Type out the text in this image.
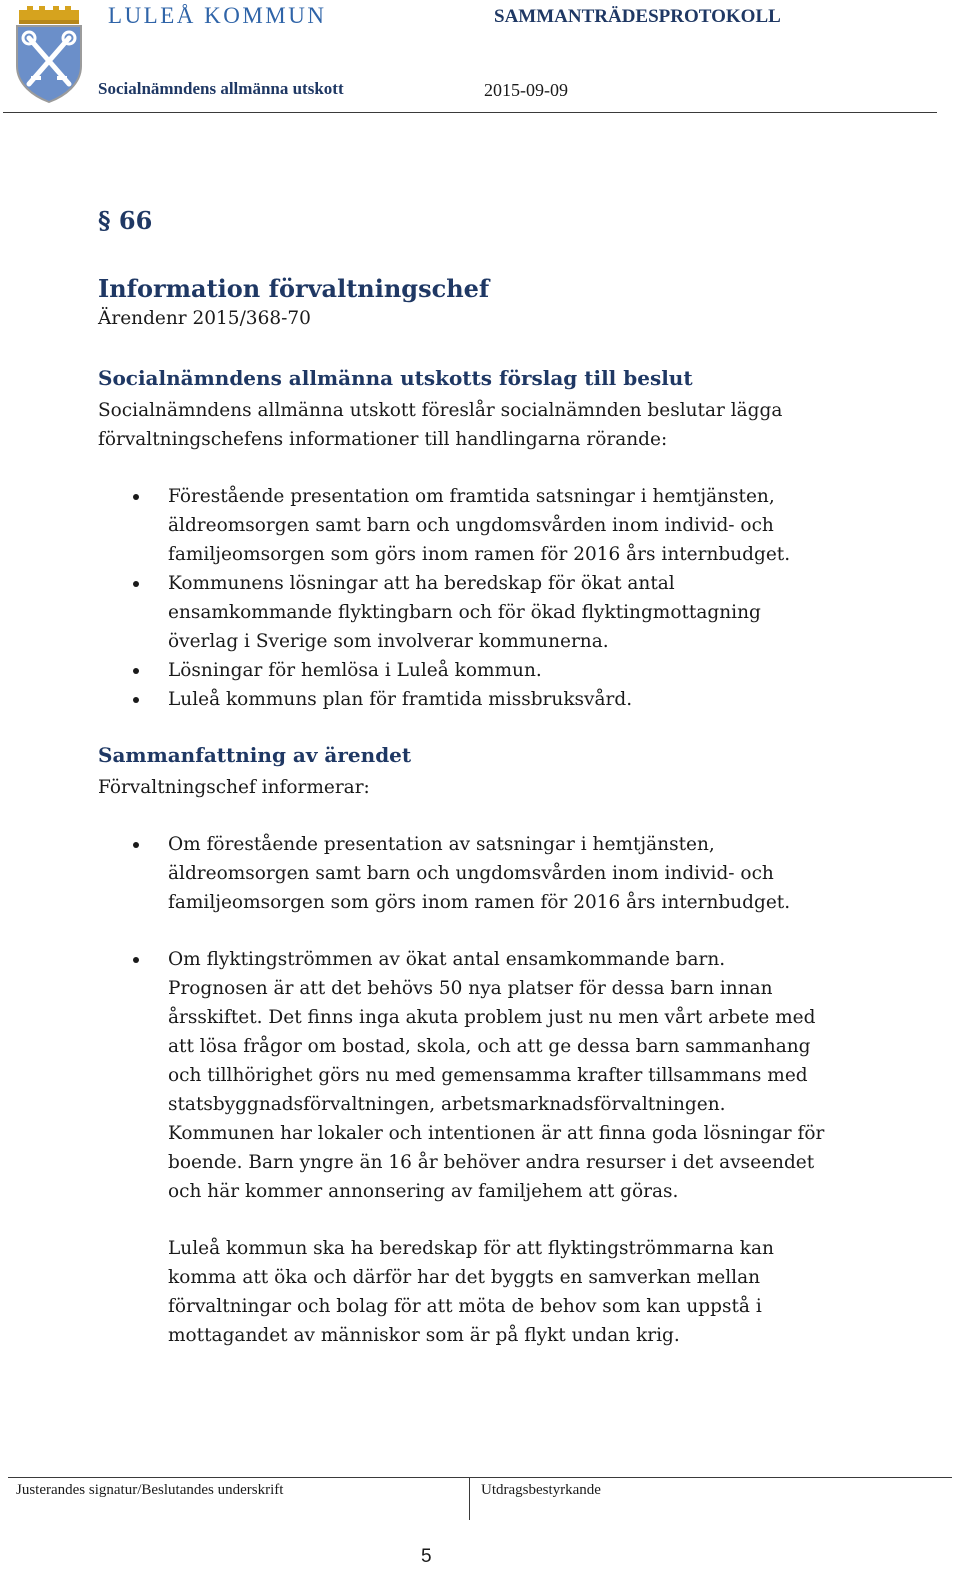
LULEÅ KOMMUN	SAMMANTRÄDESPROTOKOLL
Socialnämndens allmänna utskott	2015-09-09
§ 66
Information förvaltningschef
Ärendenr 2015/368-70
Socialnämndens allmänna utskotts förslag till beslut
Socialnämndens allmänna utskott föreslår socialnämnden beslutar lägga
förvaltningschefens informationer till handlingarna rörande:
Förestående presentation om framtida satsningar i hemtjänsten,
äldreomsorgen samt barn och ungdomsvården inom individ- och
familjeomsorgen som görs inom ramen för 2016 års internbudget.
Kommunens lösningar att ha beredskap för ökat antal
ensamkommande flyktingbarn och för ökad flyktingmottagning
överlag i Sverige som involverar kommunerna.
Lösningar för hemlösa i Luleå kommun.
Luleå kommuns plan för framtida missbruksvård.
Sammanfattning av ärendet
Förvaltningschef informerar:
Om förestående presentation av satsningar i hemtjänsten,
äldreomsorgen samt barn och ungdomsvården inom individ- och
familjeomsorgen som görs inom ramen för 2016 års internbudget.
Om flyktingströmmen av ökat antal ensamkommande barn.
Prognosen är att det behövs 50 nya platser för dessa barn innan
årsskiftet. Det finns inga akuta problem just nu men vårt arbete med
att lösa frågor om bostad, skola, och att ge dessa barn sammanhang
och tillhörighet görs nu med gemensamma krafter tillsammans med
statsbyggnadsförvaltningen, arbetsmarknadsförvaltningen.
Kommunen har lokaler och intentionen är att finna goda lösningar för
boende. Barn yngre än 16 år behöver andra resurser i det avseendet
och här kommer annonsering av familjehem att göras.
Luleå kommun ska ha beredskap för att flyktingströmmarna kan
komma att öka och därför har det byggts en samverkan mellan
förvaltningar och bolag för att möta de behov som kan uppstå i
mottagandet av människor som är på flykt undan krig.
Justerandes signatur/Beslutandes underskrift	Utdragsbestyrkande
5
